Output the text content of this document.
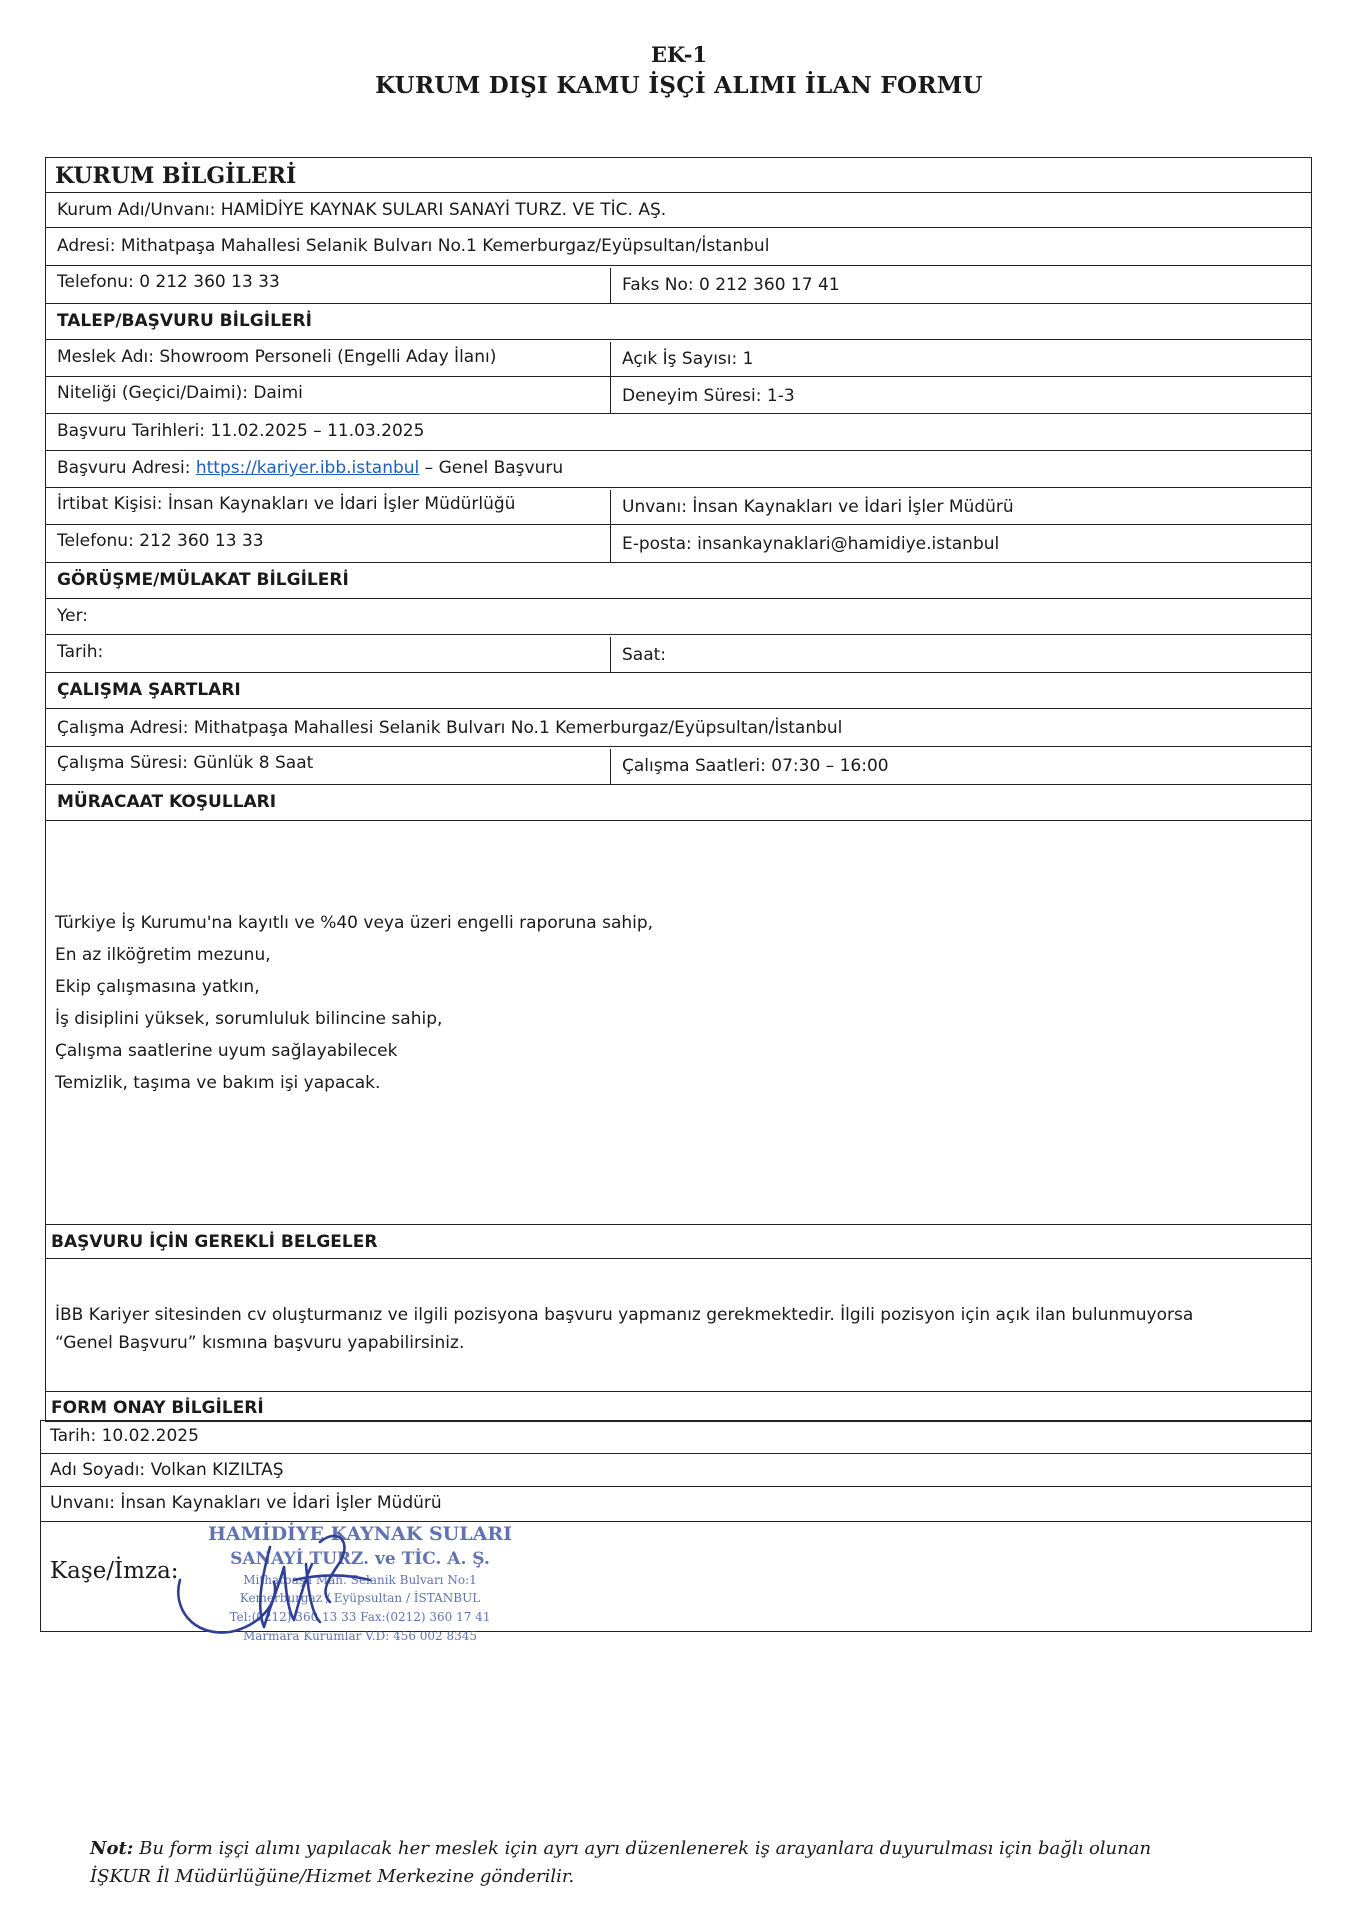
EK-1
KURUM DIŞI KAMU İŞÇİ ALIMI İLAN FORMU
KURUM BİLGİLERİ
Kurum Adı/Unvanı: HAMİDİYE KAYNAK SULARI SANAYİ TURZ. VE TİC. AŞ.
Adresi: Mithatpaşa Mahallesi Selanik Bulvarı No.1 Kemerburgaz/Eyüpsultan/İstanbul
Telefonu: 0 212 360 13 33	Faks No: 0 212 360 17 41
TALEP/BAŞVURU BİLGİLERİ
Meslek Adı: Showroom Personeli (Engelli Aday İlanı)	Açık İş Sayısı: 1
Niteliği (Geçici/Daimi): Daimi	Deneyim Süresi: 1-3
Başvuru Tarihleri: 11.02.2025 – 11.03.2025
Başvuru Adresi: https://kariyer.ibb.istanbul – Genel Başvuru
İrtibat Kişisi: İnsan Kaynakları ve İdari İşler Müdürlüğü	Unvanı: İnsan Kaynakları ve İdari İşler Müdürü
Telefonu: 212 360 13 33	E-posta: insankaynaklari@hamidiye.istanbul
GÖRÜŞME/MÜLAKAT BİLGİLERİ
Yer:
Tarih:	Saat:
ÇALIŞMA ŞARTLARI
Çalışma Adresi: Mithatpaşa Mahallesi Selanik Bulvarı No.1 Kemerburgaz/Eyüpsultan/İstanbul
Çalışma Süresi: Günlük 8 Saat	Çalışma Saatleri: 07:30 – 16:00
MÜRACAAT KOŞULLARI
Türkiye İş Kurumu'na kayıtlı ve %40 veya üzeri engelli raporuna sahip,
En az ilköğretim mezunu,
Ekip çalışmasına yatkın,
İş disiplini yüksek, sorumluluk bilincine sahip,
Çalışma saatlerine uyum sağlayabilecek
Temizlik, taşıma ve bakım işi yapacak.
BAŞVURU İÇİN GEREKLİ BELGELER
İBB Kariyer sitesinden cv oluşturmanız ve ilgili pozisyona başvuru yapmanız gerekmektedir. İlgili pozisyon için açık ilan bulunmuyorsa
“Genel Başvuru” kısmına başvuru yapabilirsiniz.
FORM ONAY BİLGİLERİ
Tarih: 10.02.2025
Adı Soyadı: Volkan KIZILTAŞ
Unvanı: İnsan Kaynakları ve İdari İşler Müdürü
Kaşe/İmza:
HAMİDİYE KAYNAK SULARI
SANAYİ TURZ. ve TİC. A. Ş.
Mithatpaşa Mah. Selanik Bulvarı No:1
Kemerburgaz / Eyüpsultan / İSTANBUL
Tel:(0212) 360 13 33 Fax:(0212) 360 17 41
Marmara Kurumlar V.D: 456 002 8345
Not: Bu form işçi alımı yapılacak her meslek için ayrı ayrı düzenlenerek iş arayanlara duyurulması için bağlı olunan
İŞKUR İl Müdürlüğüne/Hizmet Merkezine gönderilir.
